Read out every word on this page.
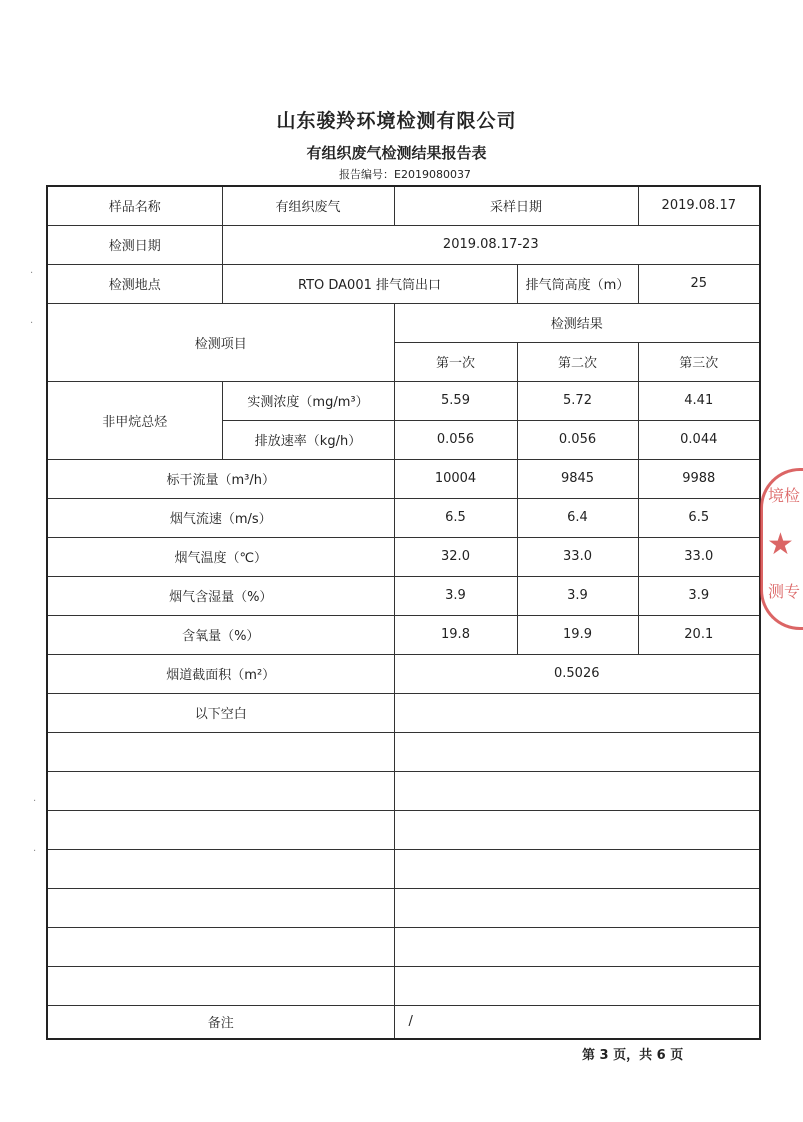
山东骏羚环境检测有限公司
有组织废气检测结果报告表
报告编号：E2019080037
样品名称	有组织废气	采样日期		2019.08.17
检测日期	2019.08.17-23			
检测地点	RTO DA001 排气筒出口		排气筒高度（m）	25
检测项目		检测结果		
		第一次	第二次	第三次
非甲烷总烃	实测浓度（mg/m³）	5.59	5.72	4.41
	排放速率（kg/h）	0.056	0.056	0.044
标干流量（m³/h）		10004	9845	9988
烟气流速（m/s）		6.5	6.4	6.5
烟气温度（℃）		32.0	33.0	33.0
烟气含湿量（%）		3.9	3.9	3.9
含氧量（%）		19.8	19.9	20.1
烟道截面积（m²）		0.5026		
以下空白				

备注		/		
第 3 页，共 6 页
境检
★
测专
·
·
·
·
